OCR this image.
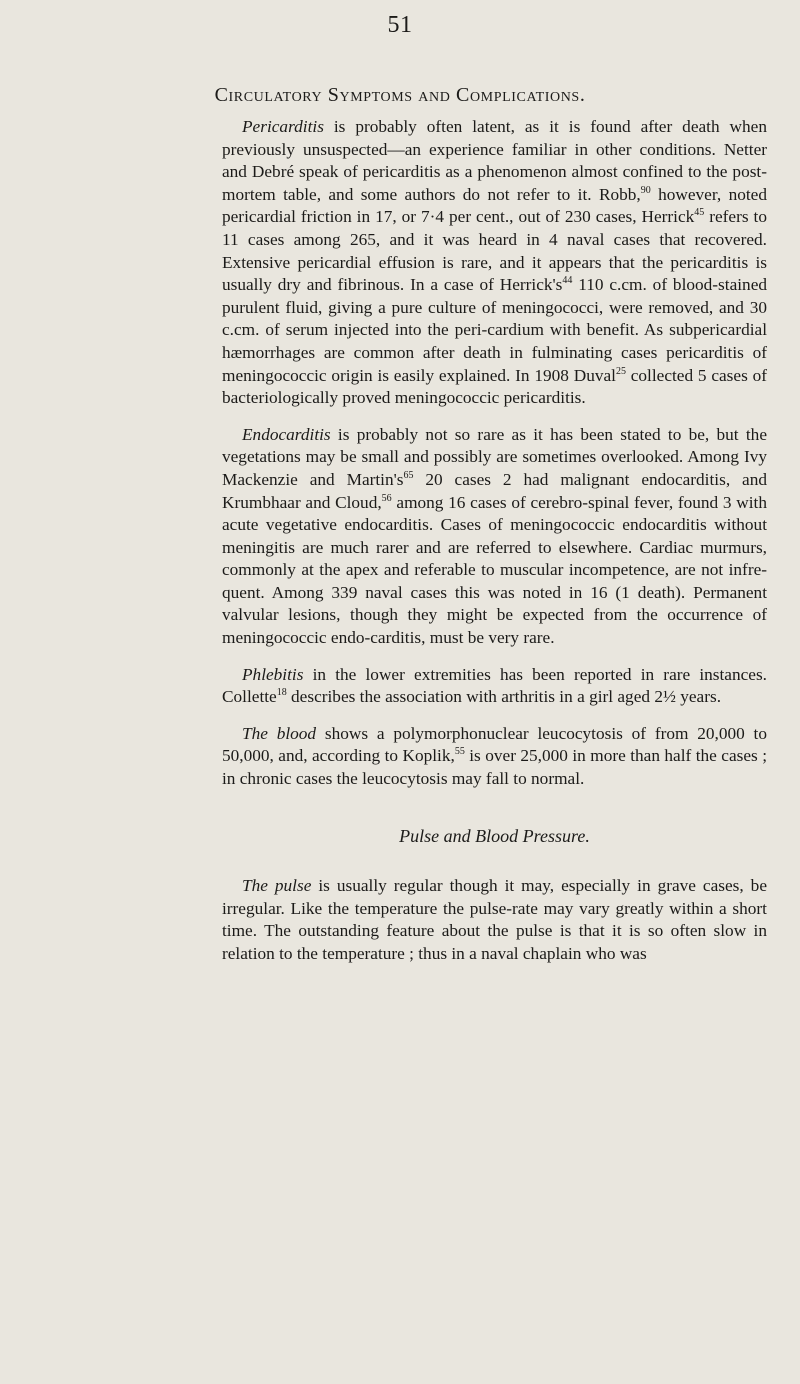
51
Circulatory Symptoms and Complications.

Pericarditis is probably often latent, as it is found after death when previously unsuspected—an experience familiar in other conditions. Netter and Debré speak of pericarditis as a phenomenon almost confined to the post-mortem table, and some authors do not refer to it. Robb,$^{90}$ however, noted pericardial friction in 17, or 7·4 per cent., out of 230 cases, Herrick$^{45}$ refers to 11 cases among 265, and it was heard in 4 naval cases that recovered. Extensive pericardial effusion is rare, and it appears that the pericarditis is usually dry and fibrinous. In a case of $Herrick's^{44}$ 110 c.cm. of blood-stained purulent fluid, giving a pure culture of meningococci, were removed, and 30 c.cm. of serum injected into the peri-cardium with benefit. As subpericardial hæmorrhages are common after death in fulminating cases pericarditis of meningococcic origin is easily explained. In 1908 Duval$^{25}$ collected 5 cases of bacteriologically proved meningococcic pericarditis.

Endocarditis is probably not so rare as it has been stated to be, but the vegetations may be small and possibly are sometimes overlooked. Among Ivy Mackenzie and $Martin's^{65}$ 20 cases 2 had malignant endocarditis, and Krumbhaar and Cloud,$^{56}$ among 16 cases of cerebro-spinal fever, found 3 with acute vegetative endocarditis. Cases of meningococcic endocarditis without meningitis are much rarer and are referred to elsewhere. Cardiac murmurs, commonly at the apex and referable to muscular incompetence, are not infre-quent. Among 339 naval cases this was noted in 16 (1 death). Permanent valvular lesions, though they might be expected from the occurrence of meningococcic endo-carditis, must be very rare.

Phlebitis in the lower extremities has been reported in rare instances. Collette$^{18}$ describes the association with arthritis in a girl aged 2½ years.

The blood shows a polymorphonuclear leucocytosis of from 20,000 to 50,000, and, according to Koplik,$^{55}$ is over 25,000 in more than half the cases ; in chronic cases the leucocytosis may fall to normal.

Pulse and Blood Pressure.

The pulse is usually regular though it may, especially in grave cases, be irregular. Like the temperature the pulse-rate may vary greatly within a short time. The outstanding feature about the pulse is that it is so often slow in relation to the temperature ; thus in a naval chaplain who was
